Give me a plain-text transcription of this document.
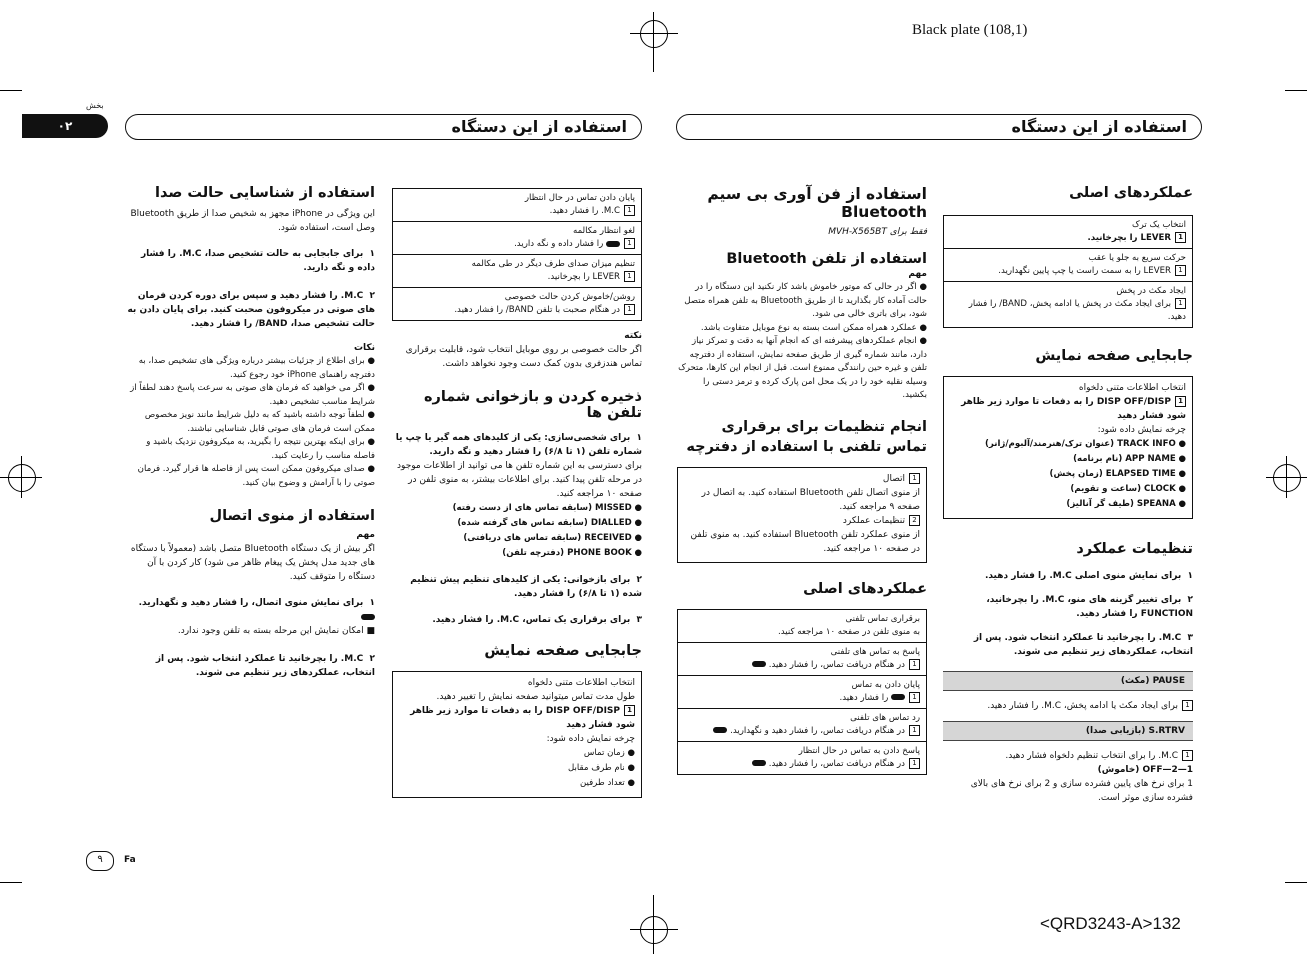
Black plate (108,1)
<QRD3243-A>132
بخش
۰۲	استفاده از این دستگاه	استفاده از این دستگاه
۹	Fa
عملکردهای اصلی
انتخاب یک ترک
1LEVER را بچرخانید.
حرکت سریع به جلو یا عقب
1LEVER را به سمت راست یا چپ پایین نگهدارید.
ایجاد مکث در پخش
1برای ایجاد مکث در پخش یا ادامه پخش، BAND/ را فشار دهید.
جابجایی صفحه نمایش
انتخاب اطلاعات متنی دلخواه
1DISP OFF/DISP را به دفعات تا موارد زیر ظاهر شود فشار دهید
چرخه نمایش داده شود:
● TRACK INFO (عنوان ترک/هنرمند/آلبوم/ژانر)
● APP NAME (نام برنامه)
● ELAPSED TIME (زمان پخش)
● CLOCK (ساعت و تقویم)
● SPEANA (طیف گر آنالیز)
تنظیمات عملکرد

۱  برای نمایش منوی اصلی M.C. را فشار دهید.

۲  برای تغییر گزینه های منو، M.C. را بچرخانید، FUNCTION را فشار دهید.

۳  M.C. را بچرخانید تا عملکرد انتخاب شود. پس از انتخاب، عملکردهای زیر تنظیم می شوند.

PAUSE (مکث)

1برای ایجاد مکث یا ادامه پخش، M.C. را فشار دهید.

S.RTRV (بازیابی صدا)

1M.C. را برای انتخاب تنظیم دلخواه فشار دهید.

OFF—2—1 (خاموش)

1 برای نرخ های پایین فشرده سازی و 2 برای نرخ های بالای فشرده سازی موثر است.

استفاده از فن آوری بی سیم Bluetooth

فقط برای MVH-X565BT

استفاده از تلفن Bluetooth

مهم

● اگر در حالی که موتور خاموش باشد کار نکنید این دستگاه را در حالت آماده کار بگذارید تا از طریق Bluetooth به تلفن همراه متصل شود، برای باتری خالی می شود.
● عملکرد همراه ممکن است بسته به نوع موبایل متفاوت باشد.
● انجام عملکردهای پیشرفته ای که انجام آنها به دقت و تمرکز نیاز دارد، مانند شماره گیری از طریق صفحه نمایش، استفاده از دفترچه تلفن و غیره حین رانندگی ممنوع است. قبل از انجام این کارها، متحرک وسیله نقلیه خود را در یک محل امن پارک کرده و ترمز دستی را بکشید.
انجام تنظیمات برای برقراری تماس تلفنی با استفاده از دفترچه
1اتصال
از منوی اتصال تلفن Bluetooth استفاده کنید. به اتصال در صفحه ۹ مراجعه کنید.
2تنظیمات عملکرد
از منوی عملکرد تلفن Bluetooth استفاده کنید. به منوی تلفن در صفحه ۱۰ مراجعه کنید.
عملکردهای اصلی
برقراری تماس تلفنی
به منوی تلفن در صفحه ۱۰ مراجعه کنید.
پاسخ به تماس های تلفنی
1در هنگام دریافت تماس، را فشار دهید.
پایان دادن به تماس
1 را فشار دهید.
رد تماس های تلفنی
1در هنگام دریافت تماس، را فشار دهید و نگهدارید.
پاسخ دادن به تماس در حال انتظار
1در هنگام دریافت تماس، را فشار دهید.
پایان دادن تماس در حال انتظار
1M.C. را فشار دهید.
لغو انتظار مکالمه
1 را فشار داده و نگه دارید.
تنظیم میزان صدای طرف دیگر در طی مکالمه
1LEVER را بچرخانید.
روشن/خاموش کردن حالت خصوصی
1در هنگام صحبت با تلفن BAND/ را فشار دهید.

نکته

اگر حالت خصوصی بر روی موبایل انتخاب شود، قابلیت برقراری تماس هندزفری بدون کمک دست وجود نخواهد داشت.

ذخیره کردن و بازخوانی شماره تلفن ها

۱  برای شخصی‌سازی: یکی از کلیدهای همه گیر یا چپ یا شماره تلفن (۱ تا ۶/۸) را فشار دهید و نگه دارید.

برای دسترسی به این شماره تلفن ها می توانید از اطلاعات موجود در مرحله تلفن پیدا کنید. برای اطلاعات بیشتر، به منوی تلفن در صفحه ۱۰ مراجعه کنید.

● MISSED (سابقه تماس های از دست رفته)
● DIALLED (سابقه تماس های گرفته شده)
● RECEIVED (سابقه تماس های دریافتی)
● PHONE BOOK (دفترچه تلفن)

۲  برای بازخوانی: یکی از کلیدهای تنظیم پیش تنظیم شده (۱ تا ۶/۸) را فشار دهید.

۳  برای برقراری یک تماس، M.C. را فشار دهید.

جابجایی صفحه نمایش
انتخاب اطلاعات متنی دلخواه
طول مدت تماس میتوانید صفحه نمایش را تغییر دهید.
1DISP OFF/DISP را به دفعات تا موارد زیر ظاهر شود فشار دهید
چرخه نمایش داده شود:
● زمان تماس
● نام طرف مقابل
● تعداد طرفین
استفاده از شناسایی حالت صدا

این ویژگی در iPhone مجهز به شخیص صدا از طریق Bluetooth وصل است، استفاده شود.

۱  برای جابجایی به حالت تشخیص صدا، M.C. را فشار داده و نگه دارید.

۲  M.C. را فشار دهید و سپس برای دوره کردن فرمان های صوتی در میکروفون صحبت کنید. برای پایان دادن به حالت تشخیص صدا، BAND/ را فشار دهید.

نکات

● برای اطلاع از جزئیات بیشتر درباره ویژگی های تشخیص صدا، به دفترچه راهنمای iPhone خود رجوع کنید.
● اگر می خواهید که فرمان های صوتی به سرعت پاسخ دهند لطفاً از شرایط مناسب تشخیص دهید.
● لطفاً توجه داشته باشید که به دلیل شرایط مانند نویز مخصوص ممکن است فرمان های صوتی قابل شناسایی نباشند.
● برای اینکه بهترین نتیجه را بگیرید، به میکروفون نزدیک باشید و فاصله مناسب را رعایت کنید.
● صدای میکروفون ممکن است پس از فاصله ها قرار گیرد. فرمان صوتی را با آرامش و وضوح بیان کنید.
استفاده از منوی اتصال

مهم

اگر بیش از یک دستگاه Bluetooth متصل باشد (معمولاً با دستگاه های جدید مدل پخش یک پیغام ظاهر می شود) کار کردن با آن دستگاه را متوقف کنید.

۱  برای نمایش منوی اتصال، را فشار دهید و نگهدارید.

■ امکان نمایش این مرحله بسته به تلفن وجود ندارد.

۲  M.C. را بچرخانید تا عملکرد انتخاب شود. پس از انتخاب، عملکردهای زیر تنظیم می شوند.
